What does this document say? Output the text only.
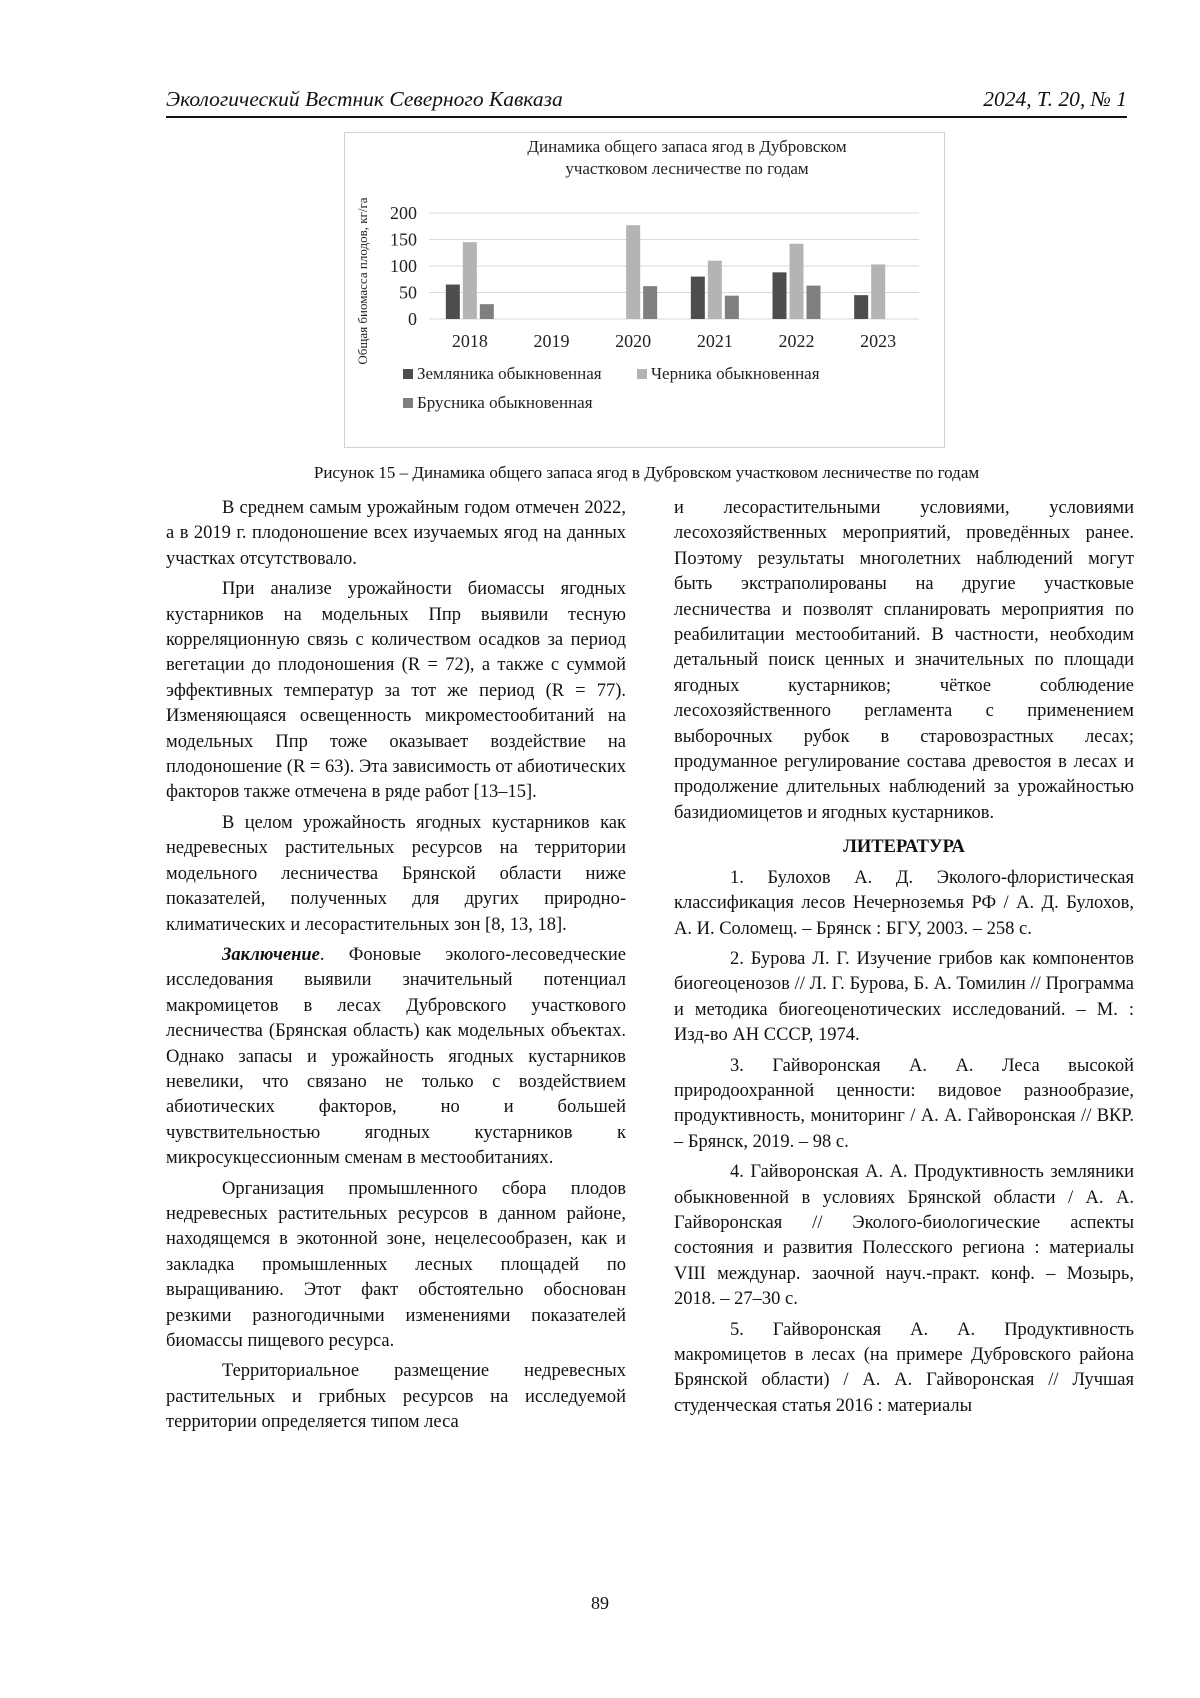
Экологический Вестник Северного Кавказа	2024, Т. 20, № 1
Динамика общего запаса ягод в Дубровском
участковом лесничестве по годам
Общая биомасса плодов, кг/га 0
50
100
150
200
2018	2019	2020	2021	2022	2023
Земляника обыкновенная	Черника обыкновенная
Брусника обыкновенная
Рисунок 15 – Динамика общего запаса ягод в Дубровском участковом лесничестве по годам

В среднем самым урожайным годом отмечен 2022, а в 2019 г. плодоношение всех изучаемых ягод на данных участках отсутствовало.

При анализе урожайности биомассы ягодных кустарников на модельных Ппр выявили тесную корреляционную связь с количеством осадков за период вегетации до плодоношения (R = 72), а также с суммой эффективных температур за тот же период (R = 77). Изменяющаяся освещенность микроместообитаний на модельных Ппр тоже оказывает воздействие на плодоношение (R = 63). Эта зависимость от абиотических факторов также отмечена в ряде работ [13–15].

В целом урожайность ягодных кустарников как недревесных растительных ресурсов на территории модельного лесничества Брянской области ниже показателей, полученных для других природно-климатических и лесорастительных зон [8, 13, 18].

Заключение. Фоновые эколого-лесоведческие исследования выявили значительный потенциал макромицетов в лесах Дубровского участкового лесничества (Брянская область) как модельных объектах. Однако запасы и урожайность ягодных кустарников невелики, что связано не только с воздействием абиотических факторов, но и большей чувствительностью ягодных кустарников к микросукцессионным сменам в местообитаниях.

Организация промышленного сбора плодов недревесных растительных ресурсов в данном районе, находящемся в экотонной зоне, нецелесообразен, как и закладка промышленных лесных площадей по выращиванию. Этот факт обстоятельно обоснован резкими разногодичными изменениями показателей биомассы пищевого ресурса.

Территориальное размещение недревесных растительных и грибных ресурсов на исследуемой территории определяется типом леса

и лесорастительными условиями, условиями лесохозяйственных мероприятий, проведённых ранее. Поэтому результаты многолетних наблюдений могут быть экстраполированы на другие участковые лесничества и позволят спланировать мероприятия по реабилитации местообитаний. В частности, необходим детальный поиск ценных и значительных по площади ягодных кустарников; чёткое соблюдение лесохозяйственного регламента с применением выборочных рубок в старовозрастных лесах; продуманное регулирование состава древостоя в лесах и продолжение длительных наблюдений за урожайностью базидиомицетов и ягодных кустарников.

ЛИТЕРАТУРА

1. Булохов А. Д. Эколого-флористическая классификация лесов Нечерноземья РФ / А. Д. Булохов, А. И. Соломещ. – Брянск : БГУ, 2003. – 258 с.

2. Бурова Л. Г. Изучение грибов как компонентов биогеоценозов // Л. Г. Бурова, Б. А. Томилин // Программа и методика биогеоценотических исследований. – М. : Изд-во АН СССР, 1974.

3. Гайворонская А. А. Леса высокой природоохранной ценности: видовое разнообразие, продуктивность, мониторинг / А. А. Гайворонская // ВКР. – Брянск, 2019. – 98 с.

4. Гайворонская А. А. Продуктивность земляники обыкновенной в условиях Брянской области / А. А. Гайворонская // Эколого-биологические аспекты состояния и развития Полесского региона : материалы VIII междунар. заочной науч.-практ. конф. – Мозырь, 2018. – 27–30 с.

5. Гайворонская А. А. Продуктивность макромицетов в лесах (на примере Дубровского района Брянской области) / А. А. Гайворонская // Лучшая студенческая статья 2016 : материалы

89
